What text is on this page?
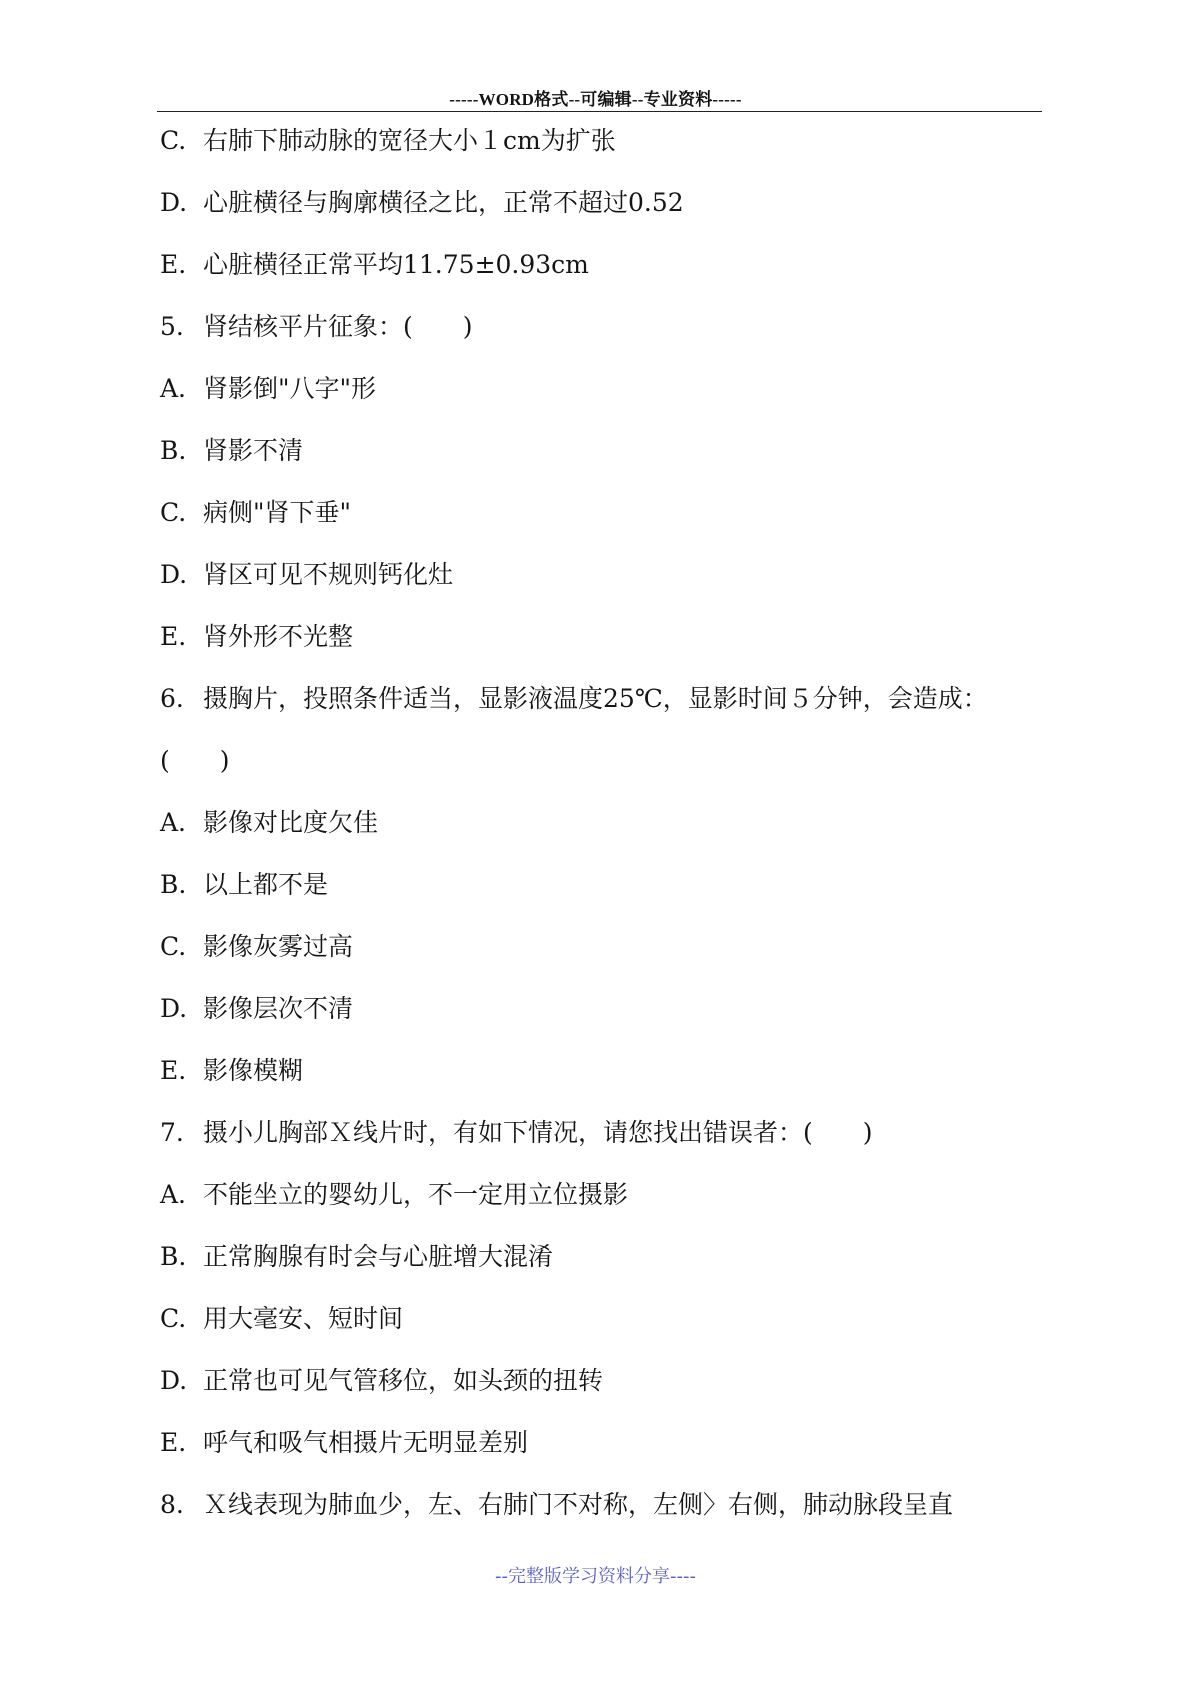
-----WORD格式--可编辑--专业资料-----
C. 右肺下肺动脉的宽径大小１cm为扩张
D. 心脏横径与胸廓横径之比，正常不超过0.52
E. 心脏横径正常平均11.75±0.93cm
5. 肾结核平片征象：(　　)
A. 肾影倒"八字"形
B. 肾影不清
C. 病侧"肾下垂"
D. 肾区可见不规则钙化灶
E. 肾外形不光整
6. 摄胸片，投照条件适当，显影液温度25℃，显影时间５分钟，会造成：
(　　)
A. 影像对比度欠佳
B. 以上都不是
C. 影像灰雾过高
D. 影像层次不清
E. 影像模糊
7. 摄小儿胸部Ｘ线片时，有如下情况，请您找出错误者：(　　)
A. 不能坐立的婴幼儿，不一定用立位摄影
B. 正常胸腺有时会与心脏增大混淆
C. 用大毫安、短时间
D. 正常也可见气管移位，如头颈的扭转
E. 呼气和吸气相摄片无明显差别
8. Ｘ线表现为肺血少，左、右肺门不对称，左侧〉右侧，肺动脉段呈直
--完整版学习资料分享----
